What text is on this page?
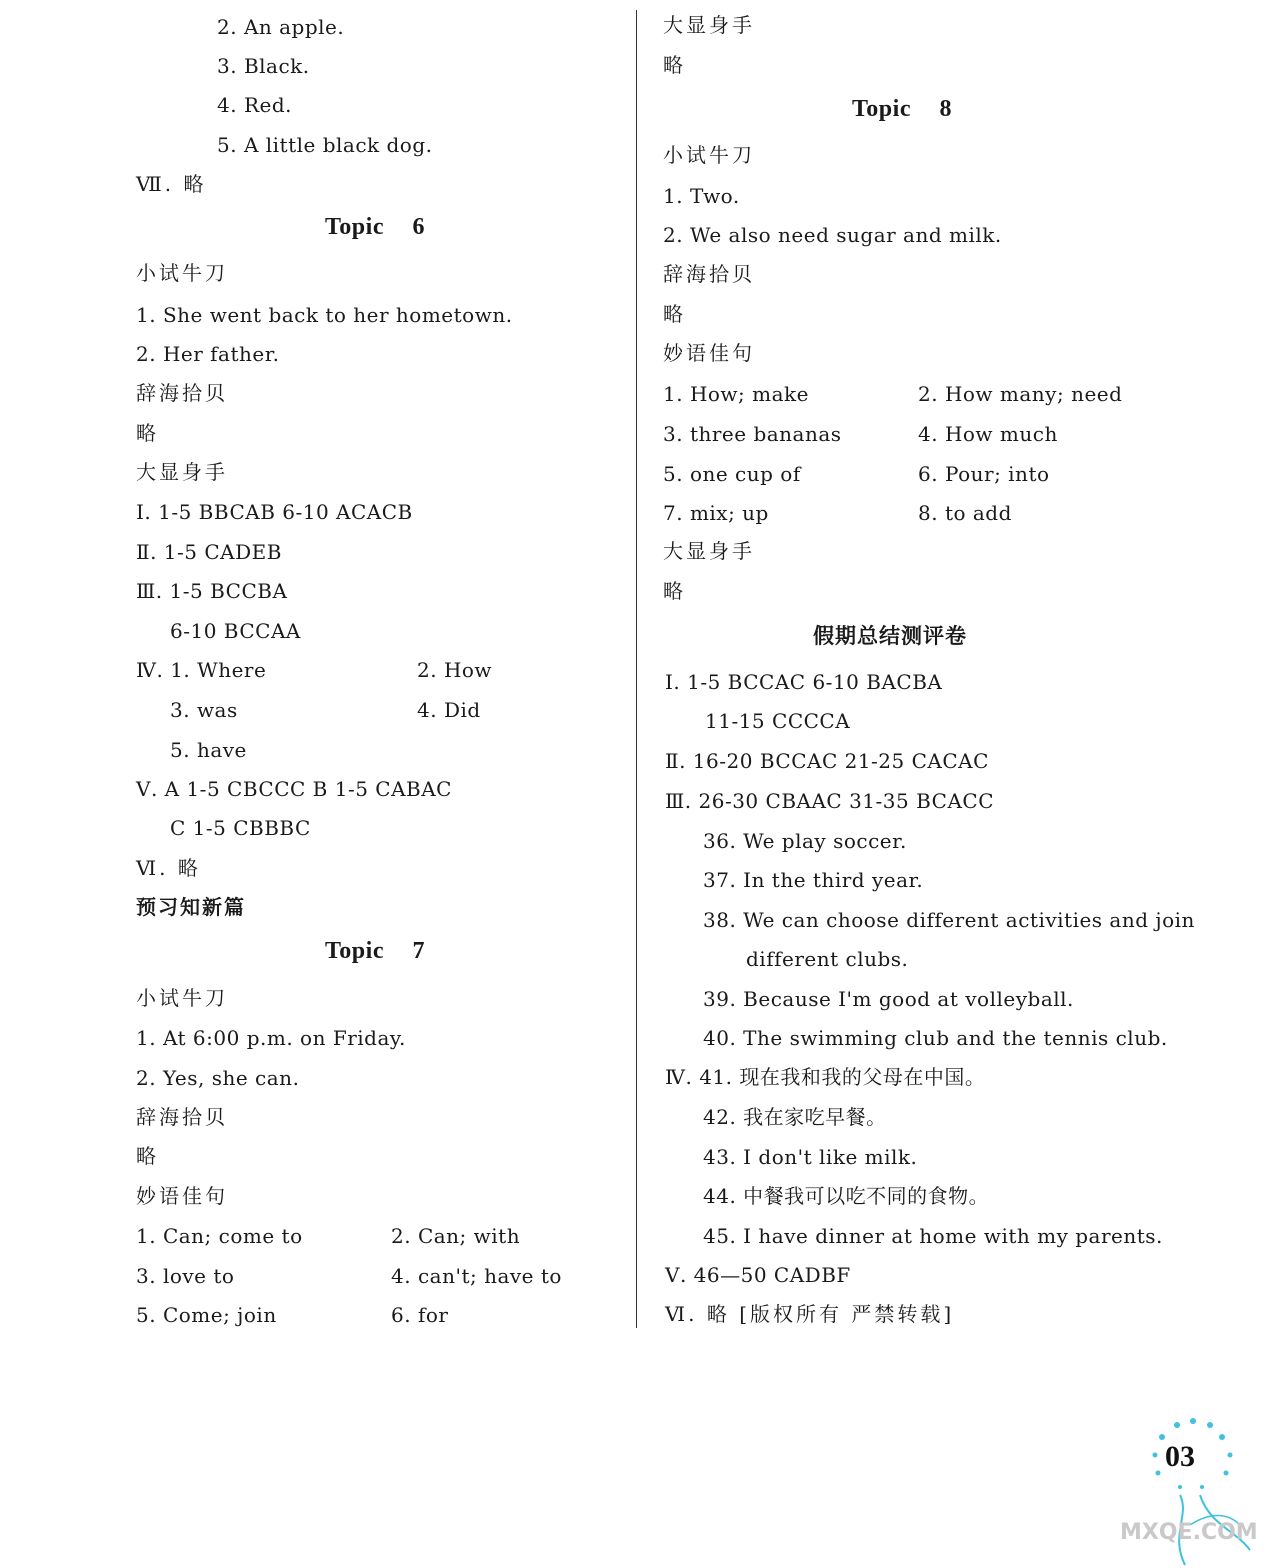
2. An apple.
3. Black.
4. Red.
5. A little black dog.
Ⅶ. 略
Topic 6
小试牛刀
1. She went back to her hometown.
2. Her father.
辞海拾贝
略
大显身手
Ⅰ. 1-5 BBCAB 6-10 ACACB
Ⅱ. 1-5 CADEB
Ⅲ. 1-5 BCCBA
6-10 BCCAA
Ⅳ. 1. Where	2. How
3. was	4. Did
5. have
Ⅴ. A 1-5 CBCCC B 1-5 CABAC
C 1-5 CBBBC
Ⅵ. 略
预习知新篇
Topic 7
小试牛刀
1. At 6:00 p.m. on Friday.
2. Yes, she can.
辞海拾贝
略
妙语佳句
1. Can; come to	2. Can; with
3. love to	4. can't; have to
5. Come; join	6. for
大显身手
略
Topic 8
小试牛刀
1. Two.
2. We also need sugar and milk.
辞海拾贝
略
妙语佳句
1. How; make	2. How many; need
3. three bananas	4. How much
5. one cup of	6. Pour; into
7. mix; up	8. to add
大显身手
略
假期总结测评卷
Ⅰ. 1-5 BCCAC 6-10 BACBA
11-15 CCCCA
Ⅱ. 16-20 BCCAC 21-25 CACAC
Ⅲ. 26-30 CBAAC 31-35 BCACC
36. We play soccer.
37. In the third year.
38. We can choose different activities and join
different clubs.
39. Because I'm good at volleyball.
40. The swimming club and the tennis club.
Ⅳ. 41. 现在我和我的父母在中国。
42. 我在家吃早餐。
43. I don't like milk.
44. 中餐我可以吃不同的食物。
45. I have dinner at home with my parents.
Ⅴ. 46—50 CADBF
Ⅵ. 略 [版权所有 严禁转载]
03
MXQE.COM
